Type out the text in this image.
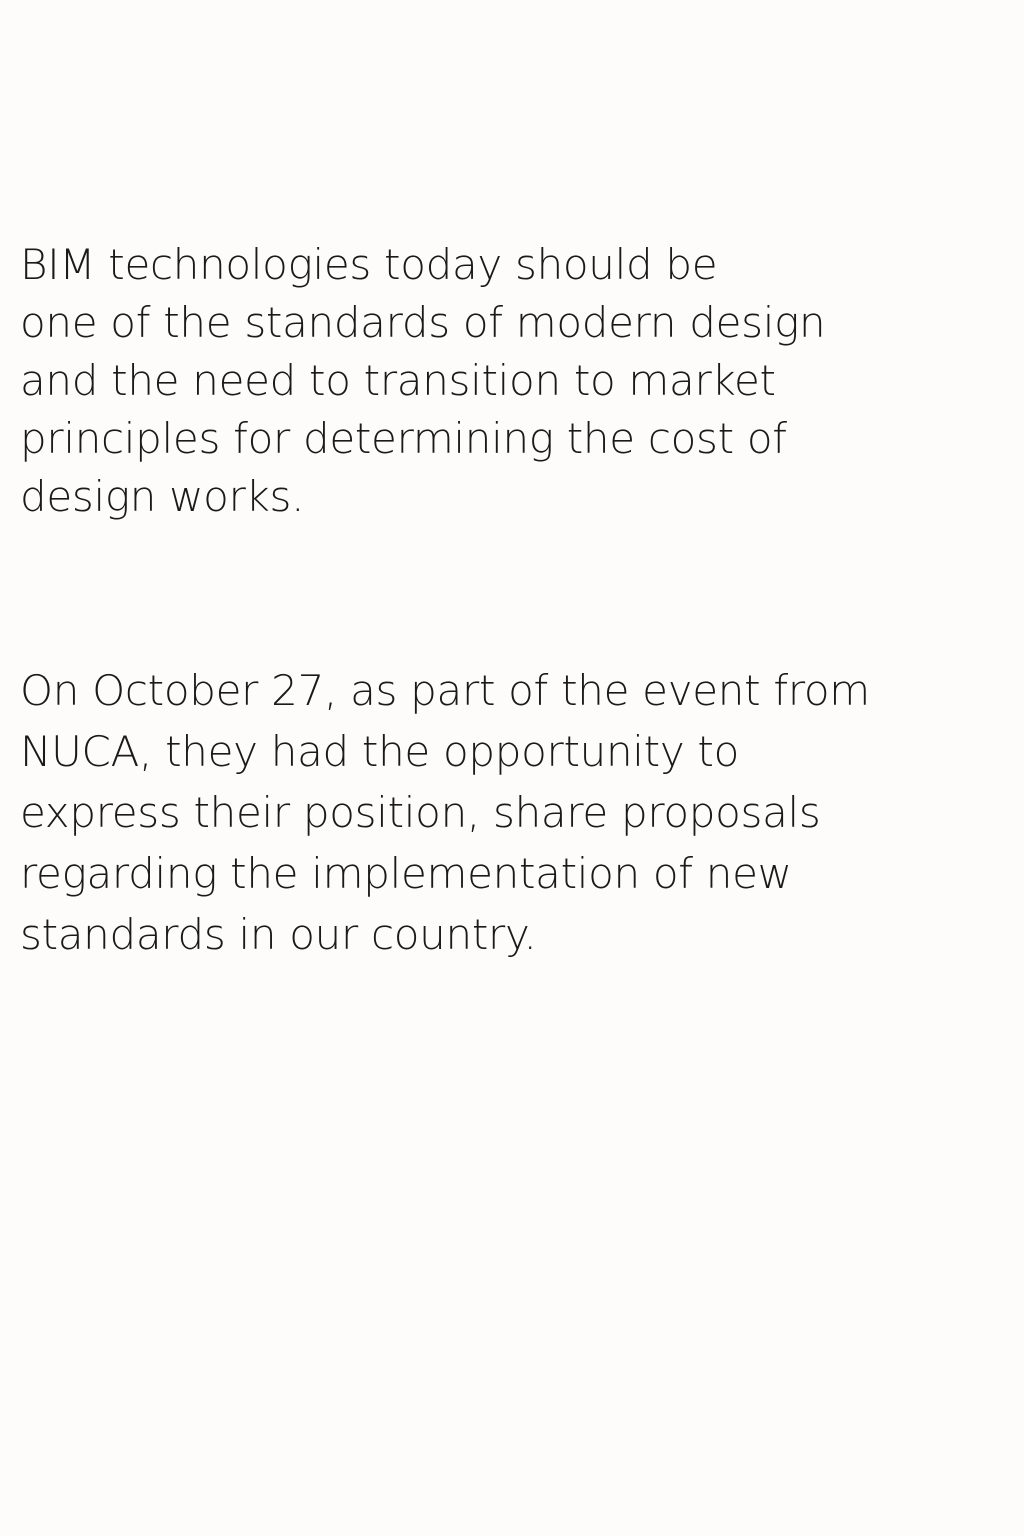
BIM technologies today should be
one of the standards of modern design
and the need to transition to market
principles for determining the cost of
design works.

On October 27, as part of the event from
NUCA, they had the opportunity to
express their position, share proposals
regarding the implementation of new
standards in our country.
